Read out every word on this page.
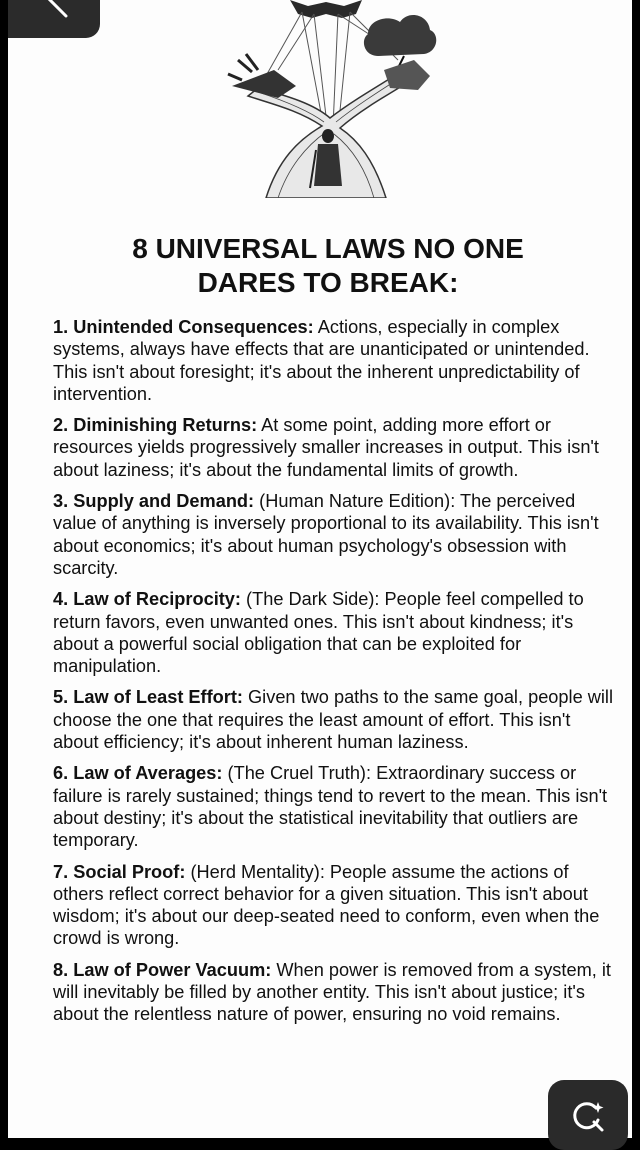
8 UNIVERSAL LAWS NO ONE
DARES TO BREAK:
1. Unintended Consequences: Actions, especially in complex systems, always have effects that are unanticipated or unintended. This isn't about foresight; it's about the inherent unpredictability of intervention.
2. Diminishing Returns: At some point, adding more effort or resources yields progressively smaller increases in output. This isn't about laziness; it's about the fundamental limits of growth.
3. Supply and Demand: (Human Nature Edition): The perceived value of anything is inversely proportional to its availability. This isn't about economics; it's about human psychology's obsession with scarcity.
4. Law of Reciprocity: (The Dark Side): People feel compelled to return favors, even unwanted ones. This isn't about kindness; it's about a powerful social obligation that can be exploited for manipulation.
5. Law of Least Effort: Given two paths to the same goal, people will choose the one that requires the least amount of effort. This isn't about efficiency; it's about inherent human laziness.
6. Law of Averages: (The Cruel Truth): Extraordinary success or failure is rarely sustained; things tend to revert to the mean. This isn't about destiny; it's about the statistical inevitability that outliers are temporary.
7. Social Proof: (Herd Mentality): People assume the actions of others reflect correct behavior for a given situation. This isn't about wisdom; it's about our deep-seated need to conform, even when the crowd is wrong.
8. Law of Power Vacuum: When power is removed from a system, it will inevitably be filled by another entity. This isn't about justice; it's about the relentless nature of power, ensuring no void remains.
